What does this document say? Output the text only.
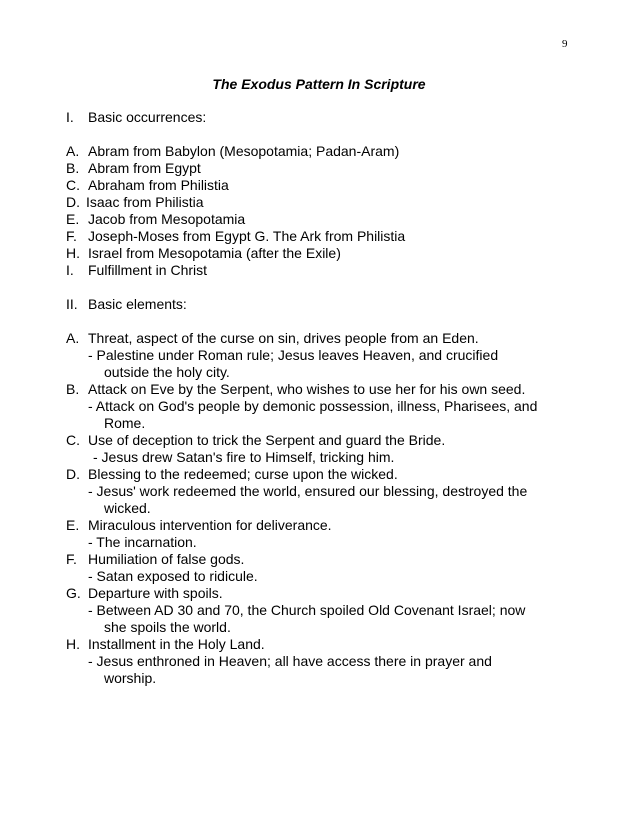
9
The Exodus Pattern In Scripture
I. Basic occurrences:
A. Abram from Babylon (Mesopotamia; Padan-Aram)
B. Abram from Egypt
C. Abraham from Philistia
D. Isaac from Philistia
E. Jacob from Mesopotamia
F. Joseph-Moses from Egypt G. The Ark from Philistia
H. Israel from Mesopotamia (after the Exile)
I. Fulfillment in Christ
II. Basic elements:
A. Threat, aspect of the curse on sin, drives people from an Eden.
- Palestine under Roman rule; Jesus leaves Heaven, and crucified
outside the holy city.
B. Attack on Eve by the Serpent, who wishes to use her for his own seed.
- Attack on God's people by demonic possession, illness, Pharisees, and
Rome.
C. Use of deception to trick the Serpent and guard the Bride.
- Jesus drew Satan's fire to Himself, tricking him.
D. Blessing to the redeemed; curse upon the wicked.
- Jesus' work redeemed the world, ensured our blessing, destroyed the
wicked.
E. Miraculous intervention for deliverance.
- The incarnation.
F. Humiliation of false gods.
- Satan exposed to ridicule.
G. Departure with spoils.
- Between AD 30 and 70, the Church spoiled Old Covenant Israel; now
she spoils the world.
H. Installment in the Holy Land.
- Jesus enthroned in Heaven; all have access there in prayer and
worship.
